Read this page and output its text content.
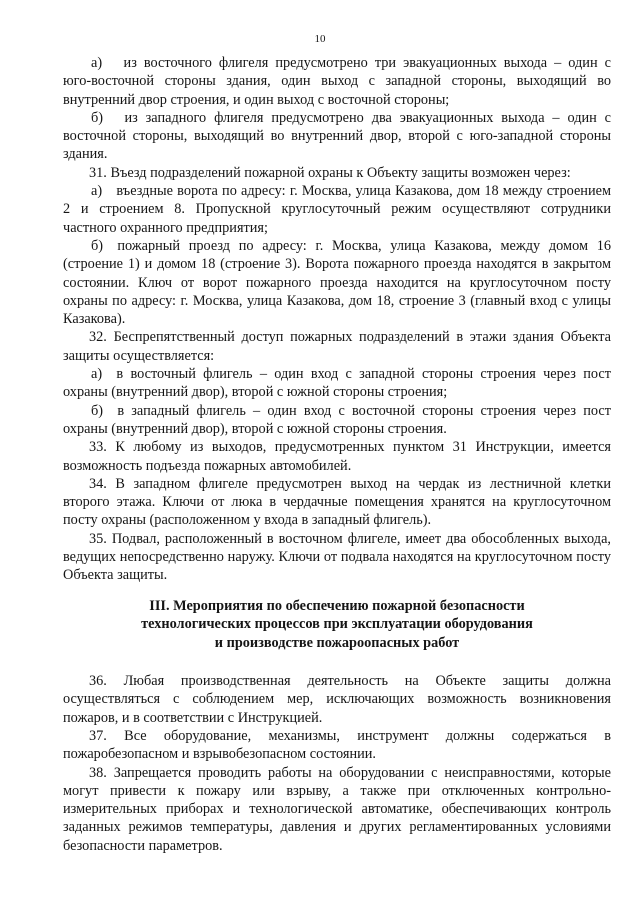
10

а)  из восточного флигеля предусмотрено три эвакуационных выхода – один с юго-восточной стороны здания, один выход с западной стороны, выходящий во внутренний двор строения, и один выход с восточной стороны;

б)  из западного флигеля предусмотрено два эвакуационных выхода – один с восточной стороны, выходящий во внутренний двор, второй с юго-западной стороны здания.

31. Въезд подразделений пожарной охраны к Объекту защиты возможен через:

а) въездные ворота по адресу: г. Москва, улица Казакова, дом 18 между строением 2 и строением 8. Пропускной круглосуточный режим осуществляют сотрудники частного охранного предприятия;

б) пожарный проезд по адресу: г. Москва, улица Казакова, между домом 16 (строение 1) и домом 18 (строение 3). Ворота пожарного проезда находятся в закрытом состоянии. Ключ от ворот пожарного проезда находится на круглосуточном посту охраны по адресу: г. Москва, улица Казакова, дом 18, строение 3 (главный вход с улицы Казакова).

32. Беспрепятственный доступ пожарных подразделений в этажи здания Объекта защиты осуществляется:

а) в восточный флигель – один вход с западной стороны строения через пост охраны (внутренний двор), второй с южной стороны строения;

б) в западный флигель – один вход с восточной стороны строения через пост охраны (внутренний двор), второй с южной стороны строения.

33. К любому из выходов, предусмотренных пунктом 31 Инструкции, имеется возможность подъезда пожарных автомобилей.

34. В западном флигеле предусмотрен выход на чердак из лестничной клетки второго этажа. Ключи от люка в чердачные помещения хранятся на круглосуточном посту охраны (расположенном у входа в западный флигель).

35. Подвал, расположенный в восточном флигеле, имеет два обособленных выхода, ведущих непосредственно наружу. Ключи от подвала находятся на круглосуточном посту Объекта защиты.

III. Мероприятия по обеспечению пожарной безопасности
технологических процессов при эксплуатации оборудования
и производстве пожароопасных работ

36. Любая производственная деятельность на Объекте защиты должна осуществляться с соблюдением мер, исключающих возможность возникновения пожаров, и в соответствии с Инструкцией.

37. Все оборудование, механизмы, инструмент должны содержаться в пожаробезопасном и взрывобезопасном состоянии.

38. Запрещается проводить работы на оборудовании с неисправностями, которые могут привести к пожару или взрыву, а также при отключенных контрольно-измерительных приборах и технологической автоматике, обеспечивающих контроль заданных режимов температуры, давления и других регламентированных условиями безопасности параметров.
